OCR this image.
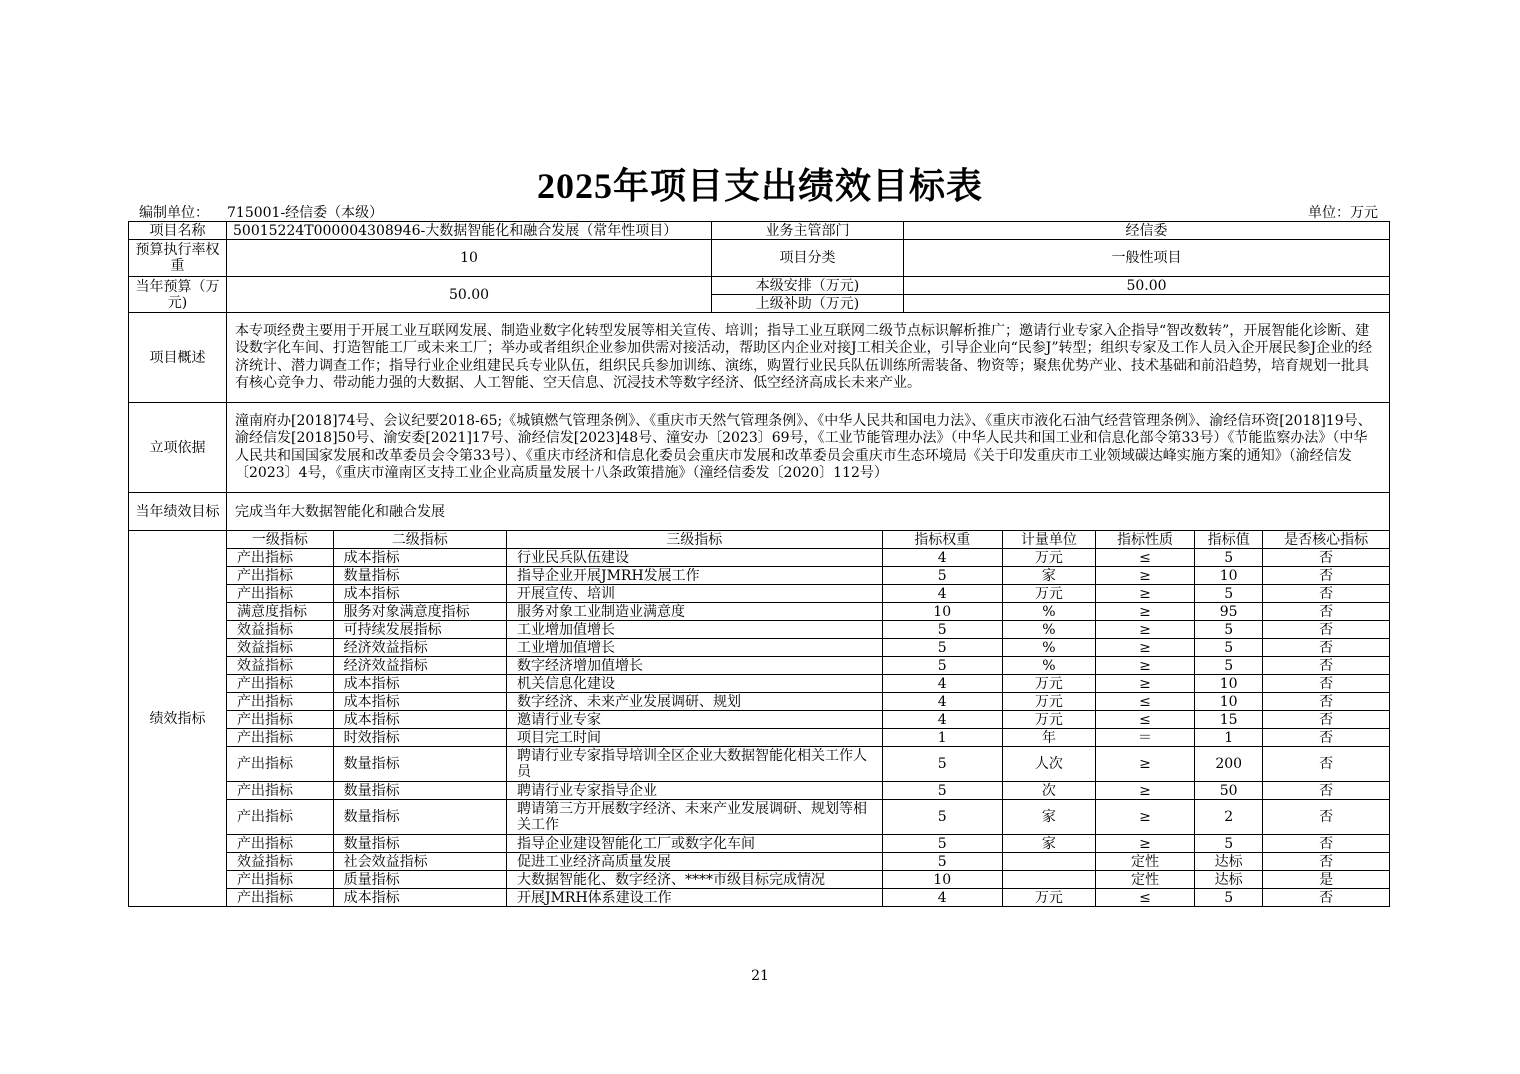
2025年项目支出绩效目标表
编制单位： 715001-经信委（本级）	单位：万元
项目名称	50015224T000004308946-大数据智能化和融合发展（常年性项目）	业务主管部门	经信委
预算执行率权重	10	项目分类	一般性项目
当年预算（万元)	50.00	本级安排（万元)	50.00
上级补助（万元)	
项目概述	本专项经费主要用于开展工业互联网发展、制造业数字化转型发展等相关宣传、培训；指导工业互联网二级节点标识解析推广；邀请行业专家入企指导“智改数转”，开展智能化诊断、建设数字化车间、打造智能工厂或未来工厂；举办或者组织企业参加供需对接活动，帮助区内企业对接J工相关企业，引导企业向“民参J”转型；组织专家及工作人员入企开展民参J企业的经济统计、潜力调查工作；指导行业企业组建民兵专业队伍，组织民兵参加训练、演练，购置行业民兵队伍训练所需装备、物资等；聚焦优势产业、技术基础和前沿趋势，培育规划一批具有核心竞争力、带动能力强的大数据、人工智能、空天信息、沉浸技术等数字经济、低空经济高成长未来产业。
立项依据	潼南府办[2018]74号、会议纪要2018-65;《城镇燃气管理条例》、《重庆市天然气管理条例》、《中华人民共和国电力法》、《重庆市液化石油气经营管理条例》、渝经信环资[2018]19号、渝经信发[2018]50号、渝安委[2021]17号、渝经信发[2023]48号、潼安办〔2023〕69号，《工业节能管理办法》（中华人民共和国工业和信息化部令第33号）《节能监察办法》（中华人民共和国国家发展和改革委员会令第33号）、《重庆市经济和信息化委员会重庆市发展和改革委员会重庆市生态环境局《关于印发重庆市工业领域碳达峰实施方案的通知》（渝经信发〔2023〕4号，《重庆市潼南区支持工业企业高质量发展十八条政策措施》（潼经信委发〔2020〕112号）
当年绩效目标	完成当年大数据智能化和融合发展
绩效指标	
一级指标	二级指标	三级指标	指标权重	计量单位	指标性质	指标值	是否核心指标
产出指标	成本指标	行业民兵队伍建设	4	万元	≤	5	否
产出指标	数量指标	指导企业开展JMRH发展工作	5	家	≥	10	否
产出指标	成本指标	开展宣传、培训	4	万元	≥	5	否
满意度指标	服务对象满意度指标	服务对象工业制造业满意度	10	%	≥	95	否
效益指标	可持续发展指标	工业增加值增长	5	%	≥	5	否
效益指标	经济效益指标	工业增加值增长	5	%	≥	5	否
效益指标	经济效益指标	数字经济增加值增长	5	%	≥	5	否
产出指标	成本指标	机关信息化建设	4	万元	≥	10	否
产出指标	成本指标	数字经济、未来产业发展调研、规划	4	万元	≤	10	否
产出指标	成本指标	邀请行业专家	4	万元	≤	15	否
产出指标	时效指标	项目完工时间	1	年	＝	1	否
产出指标	数量指标	聘请行业专家指导培训全区企业大数据智能化相关工作人员	5	人次	≥	200	否
产出指标	数量指标	聘请行业专家指导企业	5	次	≥	50	否
产出指标	数量指标	聘请第三方开展数字经济、未来产业发展调研、规划等相关工作	5	家	≥	2	否
产出指标	数量指标	指导企业建设智能化工厂或数字化车间	5	家	≥	5	否
效益指标	社会效益指标	促进工业经济高质量发展	5		定性	达标	否
产出指标	质量指标	大数据智能化、数字经济、****市级目标完成情况	10		定性	达标	是
产出指标	成本指标	开展JMRH体系建设工作	4	万元	≤	5	否
21
